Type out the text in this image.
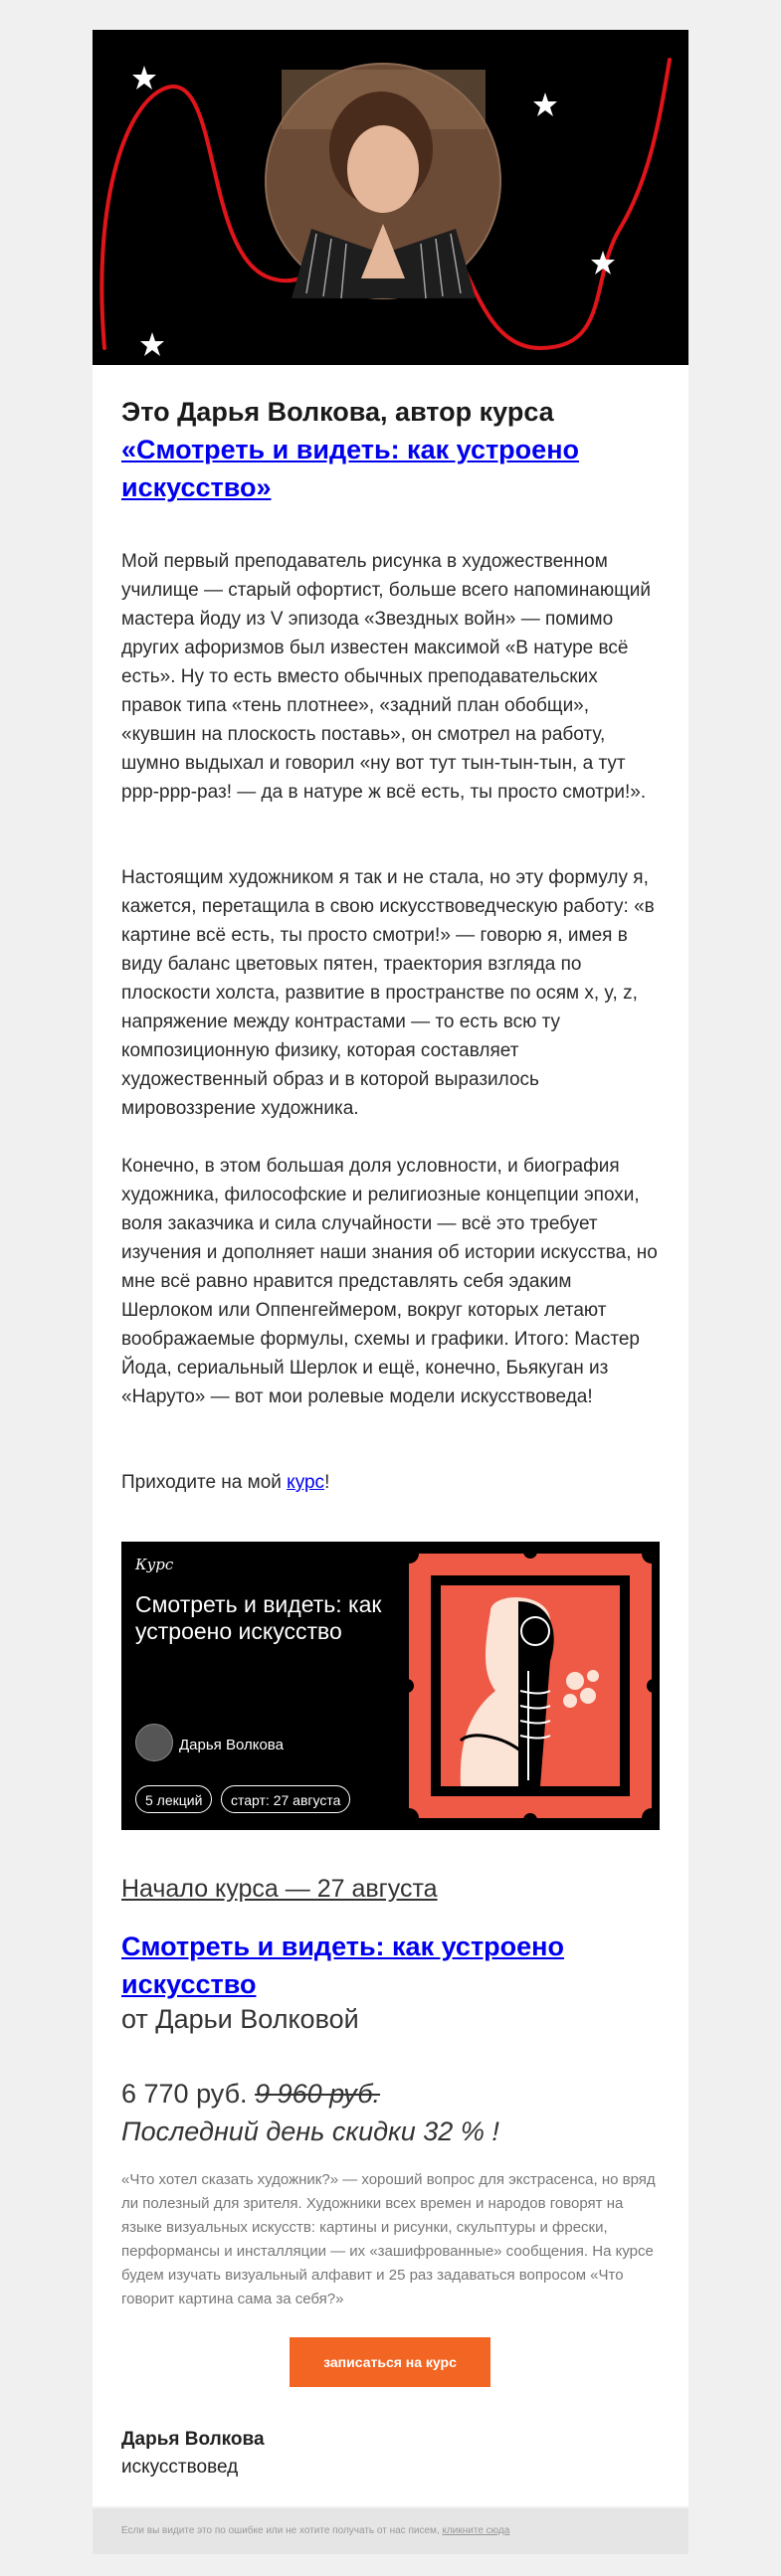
Это Дарья Волкова, автор курса «Смотреть и видеть: как устроено искусство»
Мой первый преподаватель рисунка в художественном училище — старый офортист, больше всего напоминающий мастера йоду из V эпизода «Звездных войн» — помимо других афоризмов был известен максимой «В натуре всё есть». Ну то есть вместо обычных преподавательских правок типа «тень плотнее», «задний план обобщи», «кувшин на плоскость поставь», он смотрел на работу, шумно выдыхал и говорил «ну вот тут тын-тын-тын, а тут ррр-ррр-раз! — да в натуре ж всё есть, ты просто смотри!».
Настоящим художником я так и не стала, но эту формулу я, кажется, перетащила в свою искусствоведческую работу: «в картине всё есть, ты просто смотри!» — говорю я, имея в виду баланс цветовых пятен, траектория взгляда по плоскости холста, развитие в пространстве по осям x, y, z, напряжение между контрастами — то есть всю ту композиционную физику, которая составляет художественный образ и в которой выразилось мировоззрение художника.
Конечно, в этом большая доля условности, и биография художника, философские и религиозные концепции эпохи, воля заказчика и сила случайности — всё это требует изучения и дополняет наши знания об истории искусства, но мне всё равно нравится представлять себя эдаким Шерлоком или Оппенгеймером, вокруг которых летают воображаемые формулы, схемы и графики. Итого: Мастер Йода, сериальный Шерлок и ещё, конечно, Бьякуган из «Наруто» — вот мои ролевые модели искусствоведа!
Приходите на мой курс!
Курс
Смотреть и видеть: как устроено искусство
Дарья Волкова
5 лекций	старт: 27 августа
Начало курса — 27 августа
Смотреть и видеть: как устроено искусство
от Дарьи Волковой
6 770 руб. 9 960 руб.
Последний день скидки 32 % !
«Что хотел сказать художник?» — хороший вопрос для экстрасенса, но вряд ли полезный для зрителя. Художники всех времен и народов говорят на языке визуальных искусств: картины и рисунки, скульптуры и фрески, перформансы и инсталляции — их «зашифрованные» сообщения. На курсе будем изучать визуальный алфавит и 25 раз задаваться вопросом «Что говорит картина сама за себя?»
записаться на курс
Дарья Волкова
искусствовед
Если вы видите это по ошибке или не хотите получать от нас писем, кликните сюда
